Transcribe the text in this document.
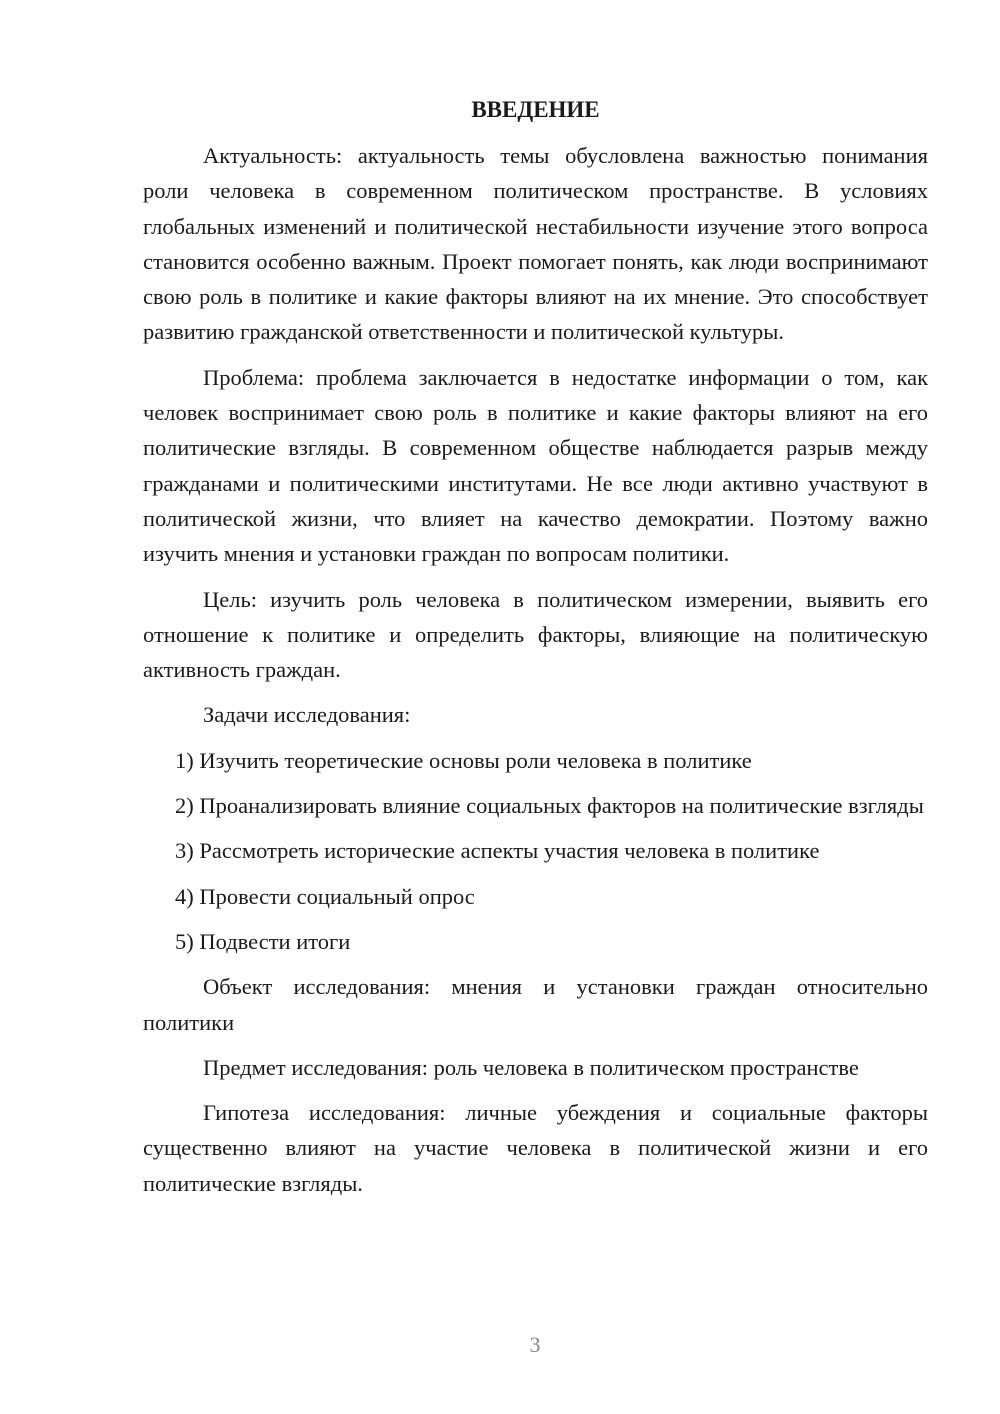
ВВЕДЕНИЕ

Актуальность: актуальность темы обусловлена важностью понимания роли человека в современном политическом пространстве. В условиях глобальных изменений и политической нестабильности изучение этого вопроса становится особенно важным. Проект помогает понять, как люди воспринимают свою роль в политике и какие факторы влияют на их мнение. Это способствует развитию гражданской ответственности и политической культуры.

Проблема: проблема заключается в недостатке информации о том, как человек воспринимает свою роль в политике и какие факторы влияют на его политические взгляды. В современном обществе наблюдается разрыв между гражданами и политическими институтами. Не все люди активно участвуют в политической жизни, что влияет на качество демократии. Поэтому важно изучить мнения и установки граждан по вопросам политики.

Цель: изучить роль человека в политическом измерении, выявить его отношение к политике и определить факторы, влияющие на политическую активность граждан.

Задачи исследования:

1) Изучить теоретические основы роли человека в политике

2) Проанализировать влияние социальных факторов на политические взгляды

3) Рассмотреть исторические аспекты участия человека в политике

4) Провести социальный опрос

5) Подвести итоги

Объект исследования: мнения и установки граждан относительно политики

Предмет исследования: роль человека в политическом пространстве

Гипотеза исследования: личные убеждения и социальные факторы существенно влияют на участие человека в политической жизни и его политические взгляды.

3
